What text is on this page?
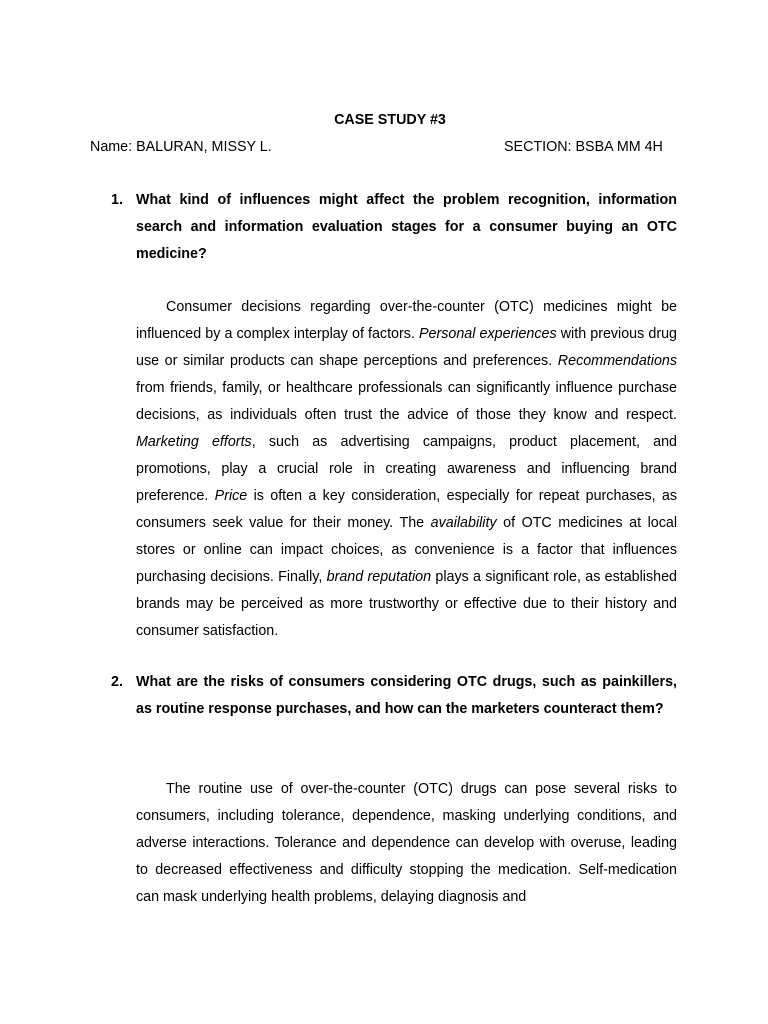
CASE STUDY #3
Name: BALURAN, MISSY L.	SECTION: BSBA MM 4H
1. What kind of influences might affect the problem recognition, information search and information evaluation stages for a consumer buying an OTC medicine?
Consumer decisions regarding over-the-counter (OTC) medicines might be influenced by a complex interplay of factors. Personal experiences with previous drug use or similar products can shape perceptions and preferences. Recommendations from friends, family, or healthcare professionals can significantly influence purchase decisions, as individuals often trust the advice of those they know and respect. Marketing efforts, such as advertising campaigns, product placement, and promotions, play a crucial role in creating awareness and influencing brand preference. Price is often a key consideration, especially for repeat purchases, as consumers seek value for their money. The availability of OTC medicines at local stores or online can impact choices, as convenience is a factor that influences purchasing decisions. Finally, brand reputation plays a significant role, as established brands may be perceived as more trustworthy or effective due to their history and consumer satisfaction.
2. What are the risks of consumers considering OTC drugs, such as painkillers, as routine response purchases, and how can the marketers counteract them?
The routine use of over-the-counter (OTC) drugs can pose several risks to consumers, including tolerance, dependence, masking underlying conditions, and adverse interactions. Tolerance and dependence can develop with overuse, leading to decreased effectiveness and difficulty stopping the medication. Self-medication can mask underlying health problems, delaying diagnosis and
